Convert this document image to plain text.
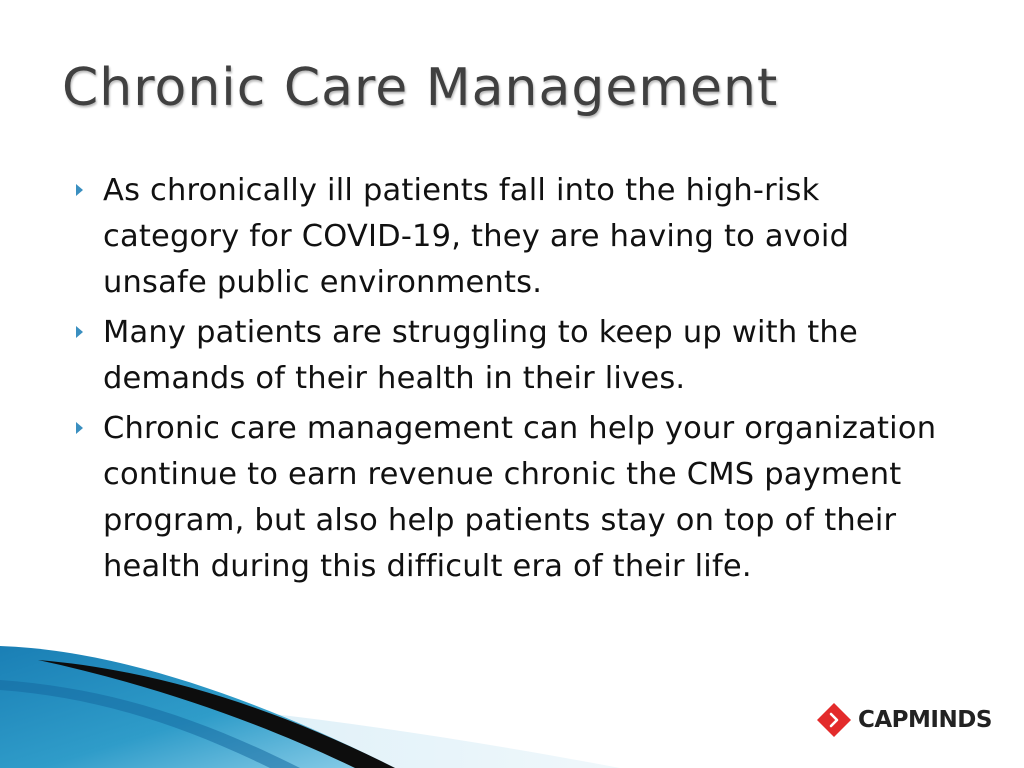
Chronic Care Management
As chronically ill patients fall into the high-risk category for COVID-19, they are having to avoid unsafe public environments.
Many patients are struggling to keep up with the demands of their health in their lives.
Chronic care management can help your organization continue to earn revenue chronic the CMS payment program, but also help patients stay on top of their health during this difficult era of their life.
CAPMINDS
